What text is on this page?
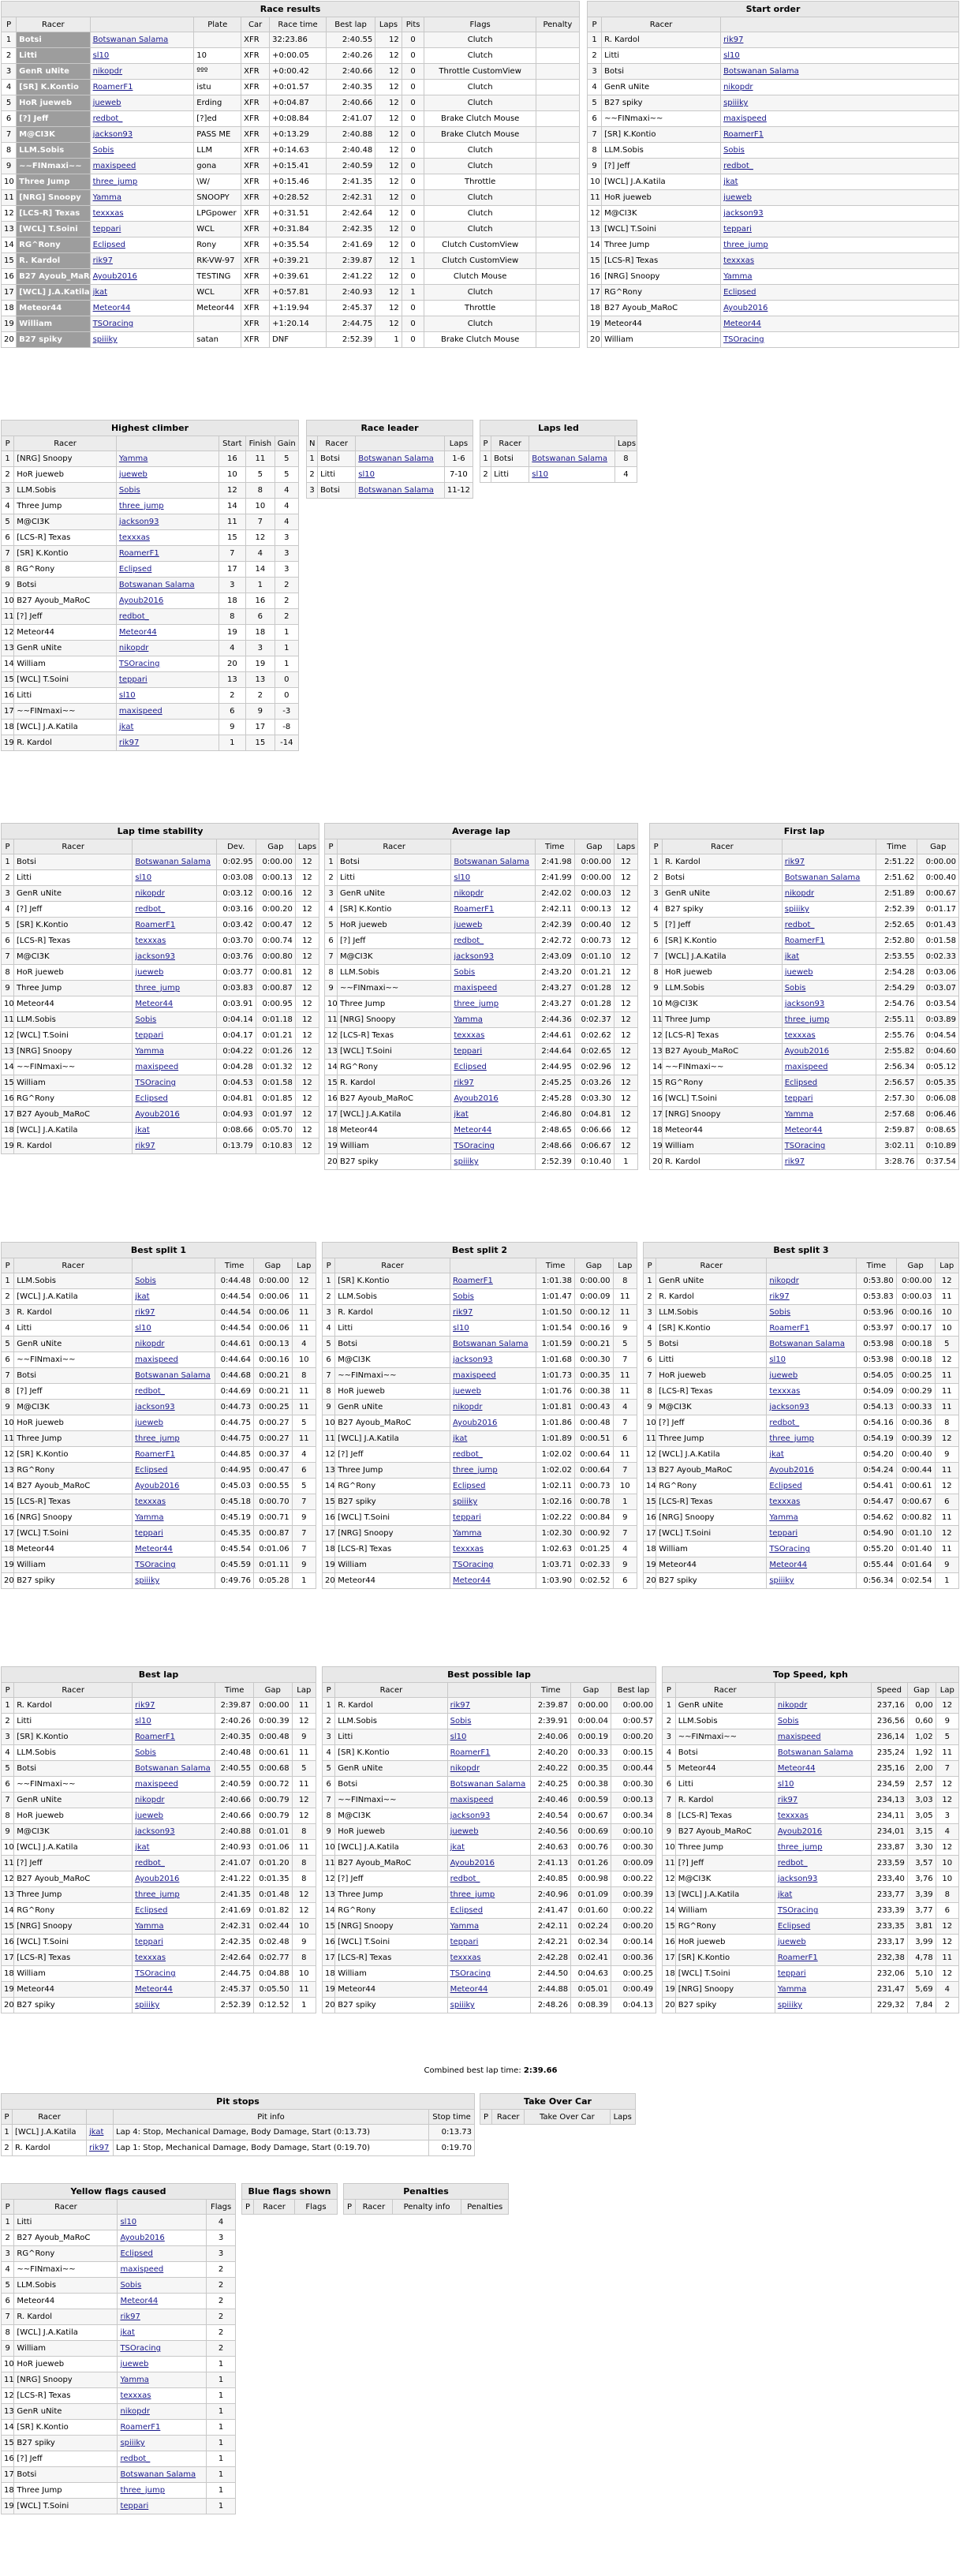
Race results
P	Racer		Plate	Car	Race time	Best lap	Laps	Pits	Flags	Penalty
1	Botsi	Botswanan Salama		XFR	32:23.86	2:40.55	12	0	Clutch	
2	Litti	sl10	10	XFR	+0:00.05	2:40.26	12	0	Clutch	
3	GenR uNite	nikopdr	ººº	XFR	+0:00.42	2:40.66	12	0	Throttle CustomView	
4	[SR] K.Kontio	RoamerF1	istu	XFR	+0:01.57	2:40.35	12	0	Clutch	
5	HoR jueweb	jueweb	Erding	XFR	+0:04.87	2:40.66	12	0	Clutch	
6	[?] Jeff	redbot_	[?]ed	XFR	+0:08.84	2:41.07	12	0	Brake Clutch Mouse	
7	M@CI3K	jackson93	PASS ME	XFR	+0:13.29	2:40.88	12	0	Brake Clutch Mouse	
8	LLM.Sobis	Sobis	LLM	XFR	+0:14.63	2:40.48	12	0	Clutch	
9	~~FINmaxi~~	maxispeed	gona	XFR	+0:15.41	2:40.59	12	0	Clutch	
10	Three Jump	three_jump	\W/	XFR	+0:15.46	2:41.35	12	0	Throttle	
11	[NRG] Snoopy	Yamma	SNOOPY	XFR	+0:28.52	2:42.31	12	0	Clutch	
12	[LCS-R] Texas	texxxas	LPGpower	XFR	+0:31.51	2:42.64	12	0	Clutch	
13	[WCL] T.Soini	teppari	WCL	XFR	+0:31.84	2:42.35	12	0	Clutch	
14	RG^Rony	Eclipsed	Rony	XFR	+0:35.54	2:41.69	12	0	Clutch CustomView	
15	R. Kardol	rik97	RK-VW-97	XFR	+0:39.21	2:39.87	12	1	Clutch CustomView	
16	B27 Ayoub_MaRoC	Ayoub2016	TESTING	XFR	+0:39.61	2:41.22	12	0	Clutch Mouse	
17	[WCL] J.A.Katila	jkat	WCL	XFR	+0:57.81	2:40.93	12	1	Clutch	
18	Meteor44	Meteor44	Meteor44	XFR	+1:19.94	2:45.37	12	0	Throttle	
19	William	TSOracing		XFR	+1:20.14	2:44.75	12	0	Clutch	
20	B27 spiky	spiiiky	satan	XFR	DNF	2:52.39	1	0	Brake Clutch Mouse	
Start order
P	Racer	
1	R. Kardol	rik97
2	Litti	sl10
3	Botsi	Botswanan Salama
4	GenR uNite	nikopdr
5	B27 spiky	spiiiky
6	~~FINmaxi~~	maxispeed
7	[SR] K.Kontio	RoamerF1
8	LLM.Sobis	Sobis
9	[?] Jeff	redbot_
10	[WCL] J.A.Katila	jkat
11	HoR jueweb	jueweb
12	M@CI3K	jackson93
13	[WCL] T.Soini	teppari
14	Three Jump	three_jump
15	[LCS-R] Texas	texxxas
16	[NRG] Snoopy	Yamma
17	RG^Rony	Eclipsed
18	B27 Ayoub_MaRoC	Ayoub2016
19	Meteor44	Meteor44
20	William	TSOracing
Highest climber
P	Racer		Start	Finish	Gain
1	[NRG] Snoopy	Yamma	16	11	5
2	HoR jueweb	jueweb	10	5	5
3	LLM.Sobis	Sobis	12	8	4
4	Three Jump	three_jump	14	10	4
5	M@CI3K	jackson93	11	7	4
6	[LCS-R] Texas	texxxas	15	12	3
7	[SR] K.Kontio	RoamerF1	7	4	3
8	RG^Rony	Eclipsed	17	14	3
9	Botsi	Botswanan Salama	3	1	2
10	B27 Ayoub_MaRoC	Ayoub2016	18	16	2
11	[?] Jeff	redbot_	8	6	2
12	Meteor44	Meteor44	19	18	1
13	GenR uNite	nikopdr	4	3	1
14	William	TSOracing	20	19	1
15	[WCL] T.Soini	teppari	13	13	0
16	Litti	sl10	2	2	0
17	~~FINmaxi~~	maxispeed	6	9	-3
18	[WCL] J.A.Katila	jkat	9	17	-8
19	R. Kardol	rik97	1	15	-14
Race leader
N	Racer		Laps
1	Botsi	Botswanan Salama	1-6
2	Litti	sl10	7-10
3	Botsi	Botswanan Salama	11-12
Laps led
P	Racer		Laps
1	Botsi	Botswanan Salama	8
2	Litti	sl10	4
Lap time stability
P	Racer		Dev.	Gap	Laps
1	Botsi	Botswanan Salama	0:02.95	0:00.00	12
2	Litti	sl10	0:03.08	0:00.13	12
3	GenR uNite	nikopdr	0:03.12	0:00.16	12
4	[?] Jeff	redbot_	0:03.16	0:00.20	12
5	[SR] K.Kontio	RoamerF1	0:03.42	0:00.47	12
6	[LCS-R] Texas	texxxas	0:03.70	0:00.74	12
7	M@CI3K	jackson93	0:03.76	0:00.80	12
8	HoR jueweb	jueweb	0:03.77	0:00.81	12
9	Three Jump	three_jump	0:03.83	0:00.87	12
10	Meteor44	Meteor44	0:03.91	0:00.95	12
11	LLM.Sobis	Sobis	0:04.14	0:01.18	12
12	[WCL] T.Soini	teppari	0:04.17	0:01.21	12
13	[NRG] Snoopy	Yamma	0:04.22	0:01.26	12
14	~~FINmaxi~~	maxispeed	0:04.28	0:01.32	12
15	William	TSOracing	0:04.53	0:01.58	12
16	RG^Rony	Eclipsed	0:04.81	0:01.85	12
17	B27 Ayoub_MaRoC	Ayoub2016	0:04.93	0:01.97	12
18	[WCL] J.A.Katila	jkat	0:08.66	0:05.70	12
19	R. Kardol	rik97	0:13.79	0:10.83	12
Average lap
P	Racer		Time	Gap	Laps
1	Botsi	Botswanan Salama	2:41.98	0:00.00	12
2	Litti	sl10	2:41.99	0:00.00	12
3	GenR uNite	nikopdr	2:42.02	0:00.03	12
4	[SR] K.Kontio	RoamerF1	2:42.11	0:00.13	12
5	HoR jueweb	jueweb	2:42.39	0:00.40	12
6	[?] Jeff	redbot_	2:42.72	0:00.73	12
7	M@CI3K	jackson93	2:43.09	0:01.10	12
8	LLM.Sobis	Sobis	2:43.20	0:01.21	12
9	~~FINmaxi~~	maxispeed	2:43.27	0:01.28	12
10	Three Jump	three_jump	2:43.27	0:01.28	12
11	[NRG] Snoopy	Yamma	2:44.36	0:02.37	12
12	[LCS-R] Texas	texxxas	2:44.61	0:02.62	12
13	[WCL] T.Soini	teppari	2:44.64	0:02.65	12
14	RG^Rony	Eclipsed	2:44.95	0:02.96	12
15	R. Kardol	rik97	2:45.25	0:03.26	12
16	B27 Ayoub_MaRoC	Ayoub2016	2:45.28	0:03.30	12
17	[WCL] J.A.Katila	jkat	2:46.80	0:04.81	12
18	Meteor44	Meteor44	2:48.65	0:06.66	12
19	William	TSOracing	2:48.66	0:06.67	12
20	B27 spiky	spiiiky	2:52.39	0:10.40	1
First lap
P	Racer		Time	Gap
1	R. Kardol	rik97	2:51.22	0:00.00
2	Botsi	Botswanan Salama	2:51.62	0:00.40
3	GenR uNite	nikopdr	2:51.89	0:00.67
4	B27 spiky	spiiiky	2:52.39	0:01.17
5	[?] Jeff	redbot_	2:52.65	0:01.43
6	[SR] K.Kontio	RoamerF1	2:52.80	0:01.58
7	[WCL] J.A.Katila	jkat	2:53.55	0:02.33
8	HoR jueweb	jueweb	2:54.28	0:03.06
9	LLM.Sobis	Sobis	2:54.29	0:03.07
10	M@CI3K	jackson93	2:54.76	0:03.54
11	Three Jump	three_jump	2:55.11	0:03.89
12	[LCS-R] Texas	texxxas	2:55.76	0:04.54
13	B27 Ayoub_MaRoC	Ayoub2016	2:55.82	0:04.60
14	~~FINmaxi~~	maxispeed	2:56.34	0:05.12
15	RG^Rony	Eclipsed	2:56.57	0:05.35
16	[WCL] T.Soini	teppari	2:57.30	0:06.08
17	[NRG] Snoopy	Yamma	2:57.68	0:06.46
18	Meteor44	Meteor44	2:59.87	0:08.65
19	William	TSOracing	3:02.11	0:10.89
20	R. Kardol	rik97	3:28.76	0:37.54
Best split 1
P	Racer		Time	Gap	Lap
1	LLM.Sobis	Sobis	0:44.48	0:00.00	12
2	[WCL] J.A.Katila	jkat	0:44.54	0:00.06	11
3	R. Kardol	rik97	0:44.54	0:00.06	11
4	Litti	sl10	0:44.54	0:00.06	11
5	GenR uNite	nikopdr	0:44.61	0:00.13	4
6	~~FINmaxi~~	maxispeed	0:44.64	0:00.16	10
7	Botsi	Botswanan Salama	0:44.68	0:00.21	8
8	[?] Jeff	redbot_	0:44.69	0:00.21	11
9	M@CI3K	jackson93	0:44.73	0:00.25	11
10	HoR jueweb	jueweb	0:44.75	0:00.27	5
11	Three Jump	three_jump	0:44.75	0:00.27	11
12	[SR] K.Kontio	RoamerF1	0:44.85	0:00.37	4
13	RG^Rony	Eclipsed	0:44.95	0:00.47	6
14	B27 Ayoub_MaRoC	Ayoub2016	0:45.03	0:00.55	5
15	[LCS-R] Texas	texxxas	0:45.18	0:00.70	7
16	[NRG] Snoopy	Yamma	0:45.19	0:00.71	9
17	[WCL] T.Soini	teppari	0:45.35	0:00.87	7
18	Meteor44	Meteor44	0:45.54	0:01.06	7
19	William	TSOracing	0:45.59	0:01.11	9
20	B27 spiky	spiiiky	0:49.76	0:05.28	1
Best split 2
P	Racer		Time	Gap	Lap
1	[SR] K.Kontio	RoamerF1	1:01.38	0:00.00	8
2	LLM.Sobis	Sobis	1:01.47	0:00.09	11
3	R. Kardol	rik97	1:01.50	0:00.12	11
4	Litti	sl10	1:01.54	0:00.16	9
5	Botsi	Botswanan Salama	1:01.59	0:00.21	5
6	M@CI3K	jackson93	1:01.68	0:00.30	7
7	~~FINmaxi~~	maxispeed	1:01.73	0:00.35	11
8	HoR jueweb	jueweb	1:01.76	0:00.38	11
9	GenR uNite	nikopdr	1:01.81	0:00.43	4
10	B27 Ayoub_MaRoC	Ayoub2016	1:01.86	0:00.48	7
11	[WCL] J.A.Katila	jkat	1:01.89	0:00.51	6
12	[?] Jeff	redbot_	1:02.02	0:00.64	11
13	Three Jump	three_jump	1:02.02	0:00.64	7
14	RG^Rony	Eclipsed	1:02.11	0:00.73	10
15	B27 spiky	spiiiky	1:02.16	0:00.78	1
16	[WCL] T.Soini	teppari	1:02.22	0:00.84	9
17	[NRG] Snoopy	Yamma	1:02.30	0:00.92	7
18	[LCS-R] Texas	texxxas	1:02.63	0:01.25	4
19	William	TSOracing	1:03.71	0:02.33	9
20	Meteor44	Meteor44	1:03.90	0:02.52	6
Best split 3
P	Racer		Time	Gap	Lap
1	GenR uNite	nikopdr	0:53.80	0:00.00	12
2	R. Kardol	rik97	0:53.83	0:00.03	11
3	LLM.Sobis	Sobis	0:53.96	0:00.16	10
4	[SR] K.Kontio	RoamerF1	0:53.97	0:00.17	10
5	Botsi	Botswanan Salama	0:53.98	0:00.18	5
6	Litti	sl10	0:53.98	0:00.18	12
7	HoR jueweb	jueweb	0:54.05	0:00.25	11
8	[LCS-R] Texas	texxxas	0:54.09	0:00.29	11
9	M@CI3K	jackson93	0:54.13	0:00.33	11
10	[?] Jeff	redbot_	0:54.16	0:00.36	8
11	Three Jump	three_jump	0:54.19	0:00.39	12
12	[WCL] J.A.Katila	jkat	0:54.20	0:00.40	9
13	B27 Ayoub_MaRoC	Ayoub2016	0:54.24	0:00.44	11
14	RG^Rony	Eclipsed	0:54.41	0:00.61	12
15	[LCS-R] Texas	texxxas	0:54.47	0:00.67	6
16	[NRG] Snoopy	Yamma	0:54.62	0:00.82	11
17	[WCL] T.Soini	teppari	0:54.90	0:01.10	12
18	William	TSOracing	0:55.20	0:01.40	11
19	Meteor44	Meteor44	0:55.44	0:01.64	9
20	B27 spiky	spiiiky	0:56.34	0:02.54	1
Best lap
P	Racer		Time	Gap	Lap
1	R. Kardol	rik97	2:39.87	0:00.00	11
2	Litti	sl10	2:40.26	0:00.39	12
3	[SR] K.Kontio	RoamerF1	2:40.35	0:00.48	9
4	LLM.Sobis	Sobis	2:40.48	0:00.61	11
5	Botsi	Botswanan Salama	2:40.55	0:00.68	5
6	~~FINmaxi~~	maxispeed	2:40.59	0:00.72	11
7	GenR uNite	nikopdr	2:40.66	0:00.79	12
8	HoR jueweb	jueweb	2:40.66	0:00.79	12
9	M@CI3K	jackson93	2:40.88	0:01.01	8
10	[WCL] J.A.Katila	jkat	2:40.93	0:01.06	11
11	[?] Jeff	redbot_	2:41.07	0:01.20	8
12	B27 Ayoub_MaRoC	Ayoub2016	2:41.22	0:01.35	8
13	Three Jump	three_jump	2:41.35	0:01.48	12
14	RG^Rony	Eclipsed	2:41.69	0:01.82	12
15	[NRG] Snoopy	Yamma	2:42.31	0:02.44	10
16	[WCL] T.Soini	teppari	2:42.35	0:02.48	9
17	[LCS-R] Texas	texxxas	2:42.64	0:02.77	8
18	William	TSOracing	2:44.75	0:04.88	10
19	Meteor44	Meteor44	2:45.37	0:05.50	11
20	B27 spiky	spiiiky	2:52.39	0:12.52	1
Best possible lap
P	Racer		Time	Gap	Best lap
1	R. Kardol	rik97	2:39.87	0:00.00	0:00.00
2	LLM.Sobis	Sobis	2:39.91	0:00.04	0:00.57
3	Litti	sl10	2:40.06	0:00.19	0:00.20
4	[SR] K.Kontio	RoamerF1	2:40.20	0:00.33	0:00.15
5	GenR uNite	nikopdr	2:40.22	0:00.35	0:00.44
6	Botsi	Botswanan Salama	2:40.25	0:00.38	0:00.30
7	~~FINmaxi~~	maxispeed	2:40.46	0:00.59	0:00.13
8	M@CI3K	jackson93	2:40.54	0:00.67	0:00.34
9	HoR jueweb	jueweb	2:40.56	0:00.69	0:00.10
10	[WCL] J.A.Katila	jkat	2:40.63	0:00.76	0:00.30
11	B27 Ayoub_MaRoC	Ayoub2016	2:41.13	0:01.26	0:00.09
12	[?] Jeff	redbot_	2:40.85	0:00.98	0:00.22
13	Three Jump	three_jump	2:40.96	0:01.09	0:00.39
14	RG^Rony	Eclipsed	2:41.47	0:01.60	0:00.22
15	[NRG] Snoopy	Yamma	2:42.11	0:02.24	0:00.20
16	[WCL] T.Soini	teppari	2:42.21	0:02.34	0:00.14
17	[LCS-R] Texas	texxxas	2:42.28	0:02.41	0:00.36
18	William	TSOracing	2:44.50	0:04.63	0:00.25
19	Meteor44	Meteor44	2:44.88	0:05.01	0:00.49
20	B27 spiky	spiiiky	2:48.26	0:08.39	0:04.13
Combined best lap time: 2:39.66
Top Speed, kph
P	Racer		Speed	Gap	Lap
1	GenR uNite	nikopdr	237,16	0,00	12
2	LLM.Sobis	Sobis	236,56	0,60	9
3	~~FINmaxi~~	maxispeed	236,14	1,02	5
4	Botsi	Botswanan Salama	235,24	1,92	11
5	Meteor44	Meteor44	235,16	2,00	7
6	Litti	sl10	234,59	2,57	12
7	R. Kardol	rik97	234,13	3,03	12
8	[LCS-R] Texas	texxxas	234,11	3,05	3
9	B27 Ayoub_MaRoC	Ayoub2016	234,01	3,15	4
10	Three Jump	three_jump	233,87	3,30	12
11	[?] Jeff	redbot_	233,59	3,57	10
12	M@CI3K	jackson93	233,40	3,76	10
13	[WCL] J.A.Katila	jkat	233,77	3,39	8
14	William	TSOracing	233,39	3,77	6
15	RG^Rony	Eclipsed	233,35	3,81	12
16	HoR jueweb	jueweb	233,17	3,99	12
17	[SR] K.Kontio	RoamerF1	232,38	4,78	11
18	[WCL] T.Soini	teppari	232,06	5,10	12
19	[NRG] Snoopy	Yamma	231,47	5,69	4
20	B27 spiky	spiiiky	229,32	7,84	2
Pit stops
P	Racer		Pit info	Stop time
1	[WCL] J.A.Katila	jkat	Lap 4: Stop, Mechanical Damage, Body Damage, Start (0:13.73)	0:13.73
2	R. Kardol	rik97	Lap 1: Stop, Mechanical Damage, Body Damage, Start (0:19.70)	0:19.70
Take Over Car
P	Racer	Take Over Car	Laps
Yellow flags caused
P	Racer		Flags
1	Litti	sl10	4
2	B27 Ayoub_MaRoC	Ayoub2016	3
3	RG^Rony	Eclipsed	3
4	~~FINmaxi~~	maxispeed	2
5	LLM.Sobis	Sobis	2
6	Meteor44	Meteor44	2
7	R. Kardol	rik97	2
8	[WCL] J.A.Katila	jkat	2
9	William	TSOracing	2
10	HoR jueweb	jueweb	1
11	[NRG] Snoopy	Yamma	1
12	[LCS-R] Texas	texxxas	1
13	GenR uNite	nikopdr	1
14	[SR] K.Kontio	RoamerF1	1
15	B27 spiky	spiiiky	1
16	[?] Jeff	redbot_	1
17	Botsi	Botswanan Salama	1
18	Three Jump	three_jump	1
19	[WCL] T.Soini	teppari	1
Blue flags shown
P	Racer	Flags
Penalties
P	Racer	Penalty info	Penalties
